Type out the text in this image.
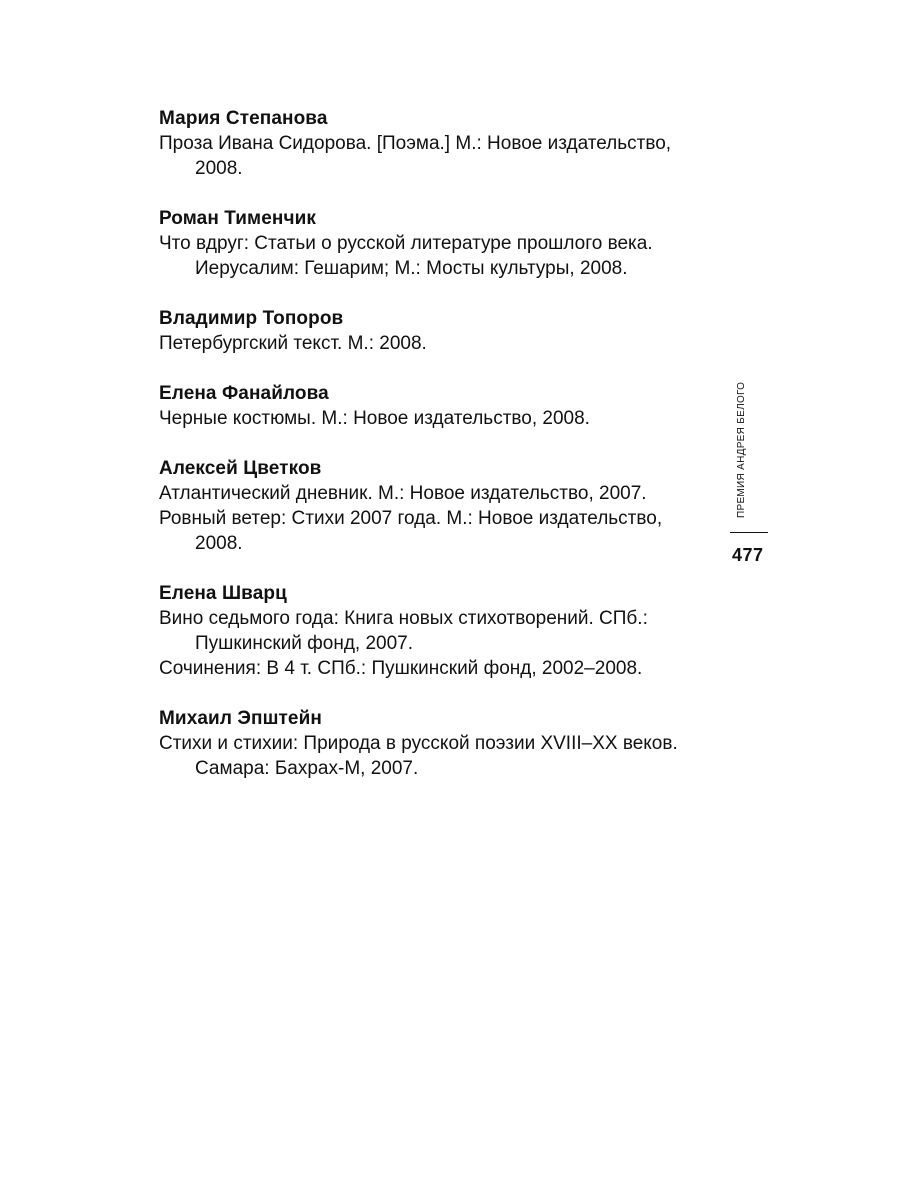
Мария Степанова
Проза Ивана Сидорова. [Поэма.] М.: Новое издательство,
2008.
Роман Тименчик
Что вдруг: Статьи о русской литературе прошлого века.
Иерусалим: Гешарим; М.: Мосты культуры, 2008.
Владимир Топоров
Петербургский текст. М.: 2008.
Елена Фанайлова
Черные костюмы. М.: Новое издательство, 2008.
Алексей Цветков
Атлантический дневник. М.: Новое издательство, 2007.
Ровный ветер: Стихи 2007 года. М.: Новое издательство,
2008.
Елена Шварц
Вино седьмого года: Книга новых стихотворений. СПб.:
Пушкинский фонд, 2007.
Сочинения: В 4 т. СПб.: Пушкинский фонд, 2002–2008.
Михаил Эпштейн
Стихи и стихии: Природа в русской поэзии XVIII–XX веков.
Самара: Бахрах-М, 2007.
ПРЕМИЯ АНДРЕЯ БЕЛОГО
477
